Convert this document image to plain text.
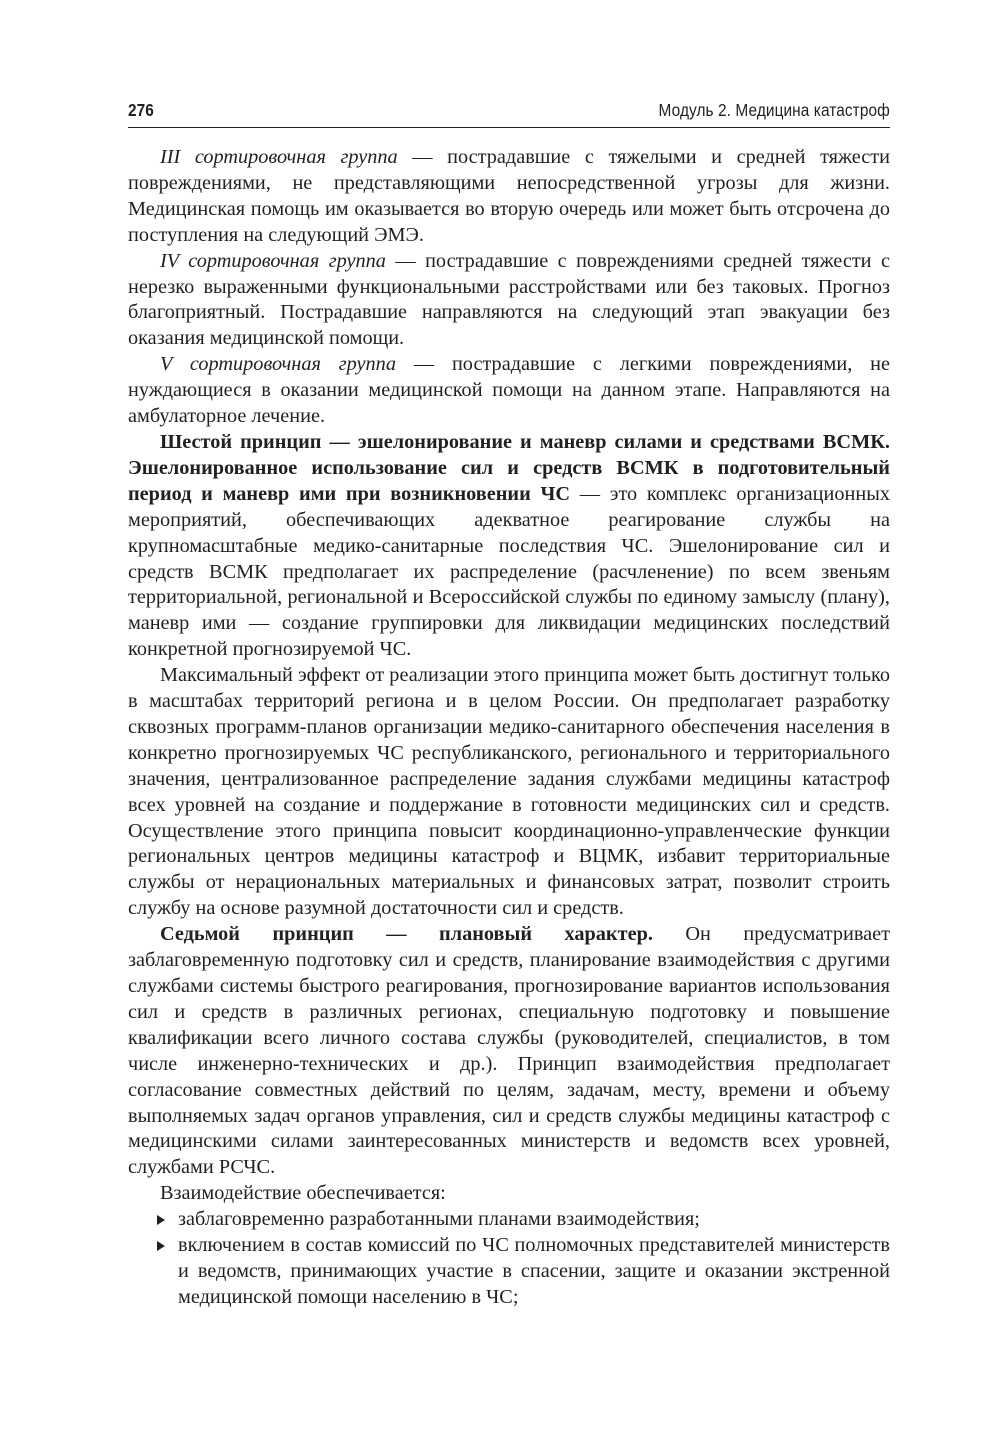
276	Модуль 2. Медицина катастроф

III сортировочная группа — пострадавшие с тяжелыми и средней тяжести повреждениями, не представляющими непосредственной угрозы для жизни. Медицинская помощь им оказывается во вторую очередь или может быть отсрочена до поступления на следующий ЭМЭ.

IV сортировочная группа — пострадавшие с повреждениями средней тяжести с нерезко выраженными функциональными расстройствами или без таковых. Прогноз благоприятный. Пострадавшие направляются на следующий этап эвакуации без оказания медицинской помощи.

V сортировочная группа — пострадавшие с легкими повреждениями, не нуждающиеся в оказании медицинской помощи на данном этапе. Направляются на амбулаторное лечение.

Шестой принцип — эшелонирование и маневр силами и средствами ВСМК. Эшелонированное использование сил и средств ВСМК в подготовительный период и маневр ими при возникновении ЧС — это комплекс организационных мероприятий, обеспечивающих адекватное реагирование службы на крупномасштабные медико-санитарные последствия ЧС. Эшелонирование сил и средств ВСМК предполагает их распределение (расчленение) по всем звеньям территориальной, региональной и Всероссийской службы по единому замыслу (плану), маневр ими — создание группировки для ликвидации медицинских последствий конкретной прогнозируемой ЧС.

Максимальный эффект от реализации этого принципа может быть достигнут только в масштабах территорий региона и в целом России. Он предполагает разработку сквозных программ-планов организации медико-санитарного обеспечения населения в конкретно прогнозируемых ЧС республиканского, регионального и территориального значения, централизованное распределение задания службами медицины катастроф всех уровней на создание и поддержание в готовности медицинских сил и средств. Осуществление этого принципа повысит координационно-управленческие функции региональных центров медицины катастроф и ВЦМК, избавит территориальные службы от нерациональных материальных и финансовых затрат, позволит строить службу на основе разумной достаточности сил и средств.

Седьмой принцип — плановый характер. Он предусматривает заблаговременную подготовку сил и средств, планирование взаимодействия с другими службами системы быстрого реагирования, прогнозирование вариантов использования сил и средств в различных регионах, специальную подготовку и повышение квалификации всего личного состава службы (руководителей, специалистов, в том числе инженерно-технических и др.). Принцип взаимодействия предполагает согласование совместных действий по целям, задачам, месту, времени и объему выполняемых задач органов управления, сил и средств службы медицины катастроф с медицинскими силами заинтересованных министерств и ведомств всех уровней, службами РСЧС.

Взаимодействие обеспечивается:

заблаговременно разработанными планами взаимодействия;
включением в состав комиссий по ЧС полномочных представителей министерств и ведомств, принимающих участие в спасении, защите и оказании экстренной медицинской помощи населению в ЧС;
